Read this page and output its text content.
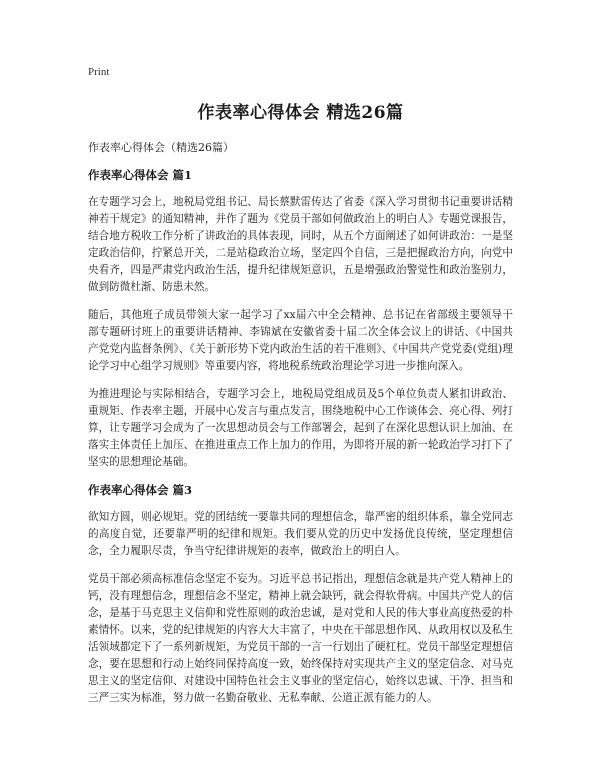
Print
作表率心得体会 精选26篇

作表率心得体会（精选26篇）

作表率心得体会 篇1

在专题学习会上，地税局党组书记、局长蔡默雷传达了省委《深入学习贯彻书记重要讲话精神若干规定》的通知精神，并作了题为《党员干部如何做政治上的明白人》专题党课报告，结合地方税收工作分析了讲政治的具体表现，同时，从五个方面阐述了如何讲政治：一是坚定政治信仰，拧紧总开关，二是站稳政治立场，坚定四个自信，三是把握政治方向，向党中央看齐，四是严肃党内政治生活，提升纪律规矩意识，五是增强政治警觉性和政治鉴别力，做到防微杜渐、防患未然。

随后，其他班子成员带领大家一起学习了xx届六中全会精神、总书记在省部级主要领导干部专题研讨班上的重要讲话精神、李锦斌在安徽省委十届二次全体会议上的讲话、《中国共产党党内监督条例》、《关于新形势下党内政治生活的若干准则》、《中国共产党党委(党组)理论学习中心组学习规则》等重要内容，将地税系统政治理论学习进一步推向深入。

为推进理论与实际相结合，专题学习会上，地税局党组成员及5个单位负责人紧扣讲政治、重规矩、作表率主题，开展中心发言与重点发言，围绕地税中心工作谈体会、亮心得、列打算，让专题学习会成为了一次思想动员会与工作部署会，起到了在深化思想认识上加油、在落实主体责任上加压、在推进重点工作上加力的作用，为即将开展的新一轮政治学习打下了坚实的思想理论基础。

作表率心得体会 篇3

欲知方圆，则必规矩。党的团结统一要靠共同的理想信念，靠严密的组织体系，靠全党同志的高度自觉，还要靠严明的纪律和规矩。我们要从党的历史中发扬优良传统，坚定理想信念，全力履职尽责，争当守纪律讲规矩的表率，做政治上的明白人。

党员干部必须高标准信念坚定不妄为。习近平总书记指出，理想信念就是共产党人精神上的钙，没有理想信念，理想信念不坚定，精神上就会缺钙，就会得软骨病。中国共产党人的信念，是基于马克思主义信仰和党性原则的政治忠诚，是对党和人民的伟大事业高度热爱的朴素情怀。以来，党的纪律规矩的内容大大丰富了，中央在干部思想作风、从政用权以及私生活领域都定下了一系列新规矩，为党员干部的一言一行划出了硬杠杠。党员干部坚定理想信念，要在思想和行动上始终同保持高度一致，始终保持对实现共产主义的坚定信念、对马克思主义的坚定信仰、对建设中国特色社会主义事业的坚定信心，始终以忠诚、干净、担当和三严三实为标准，努力做一名勤奋敬业、无私奉献、公道正派有能力的人。
